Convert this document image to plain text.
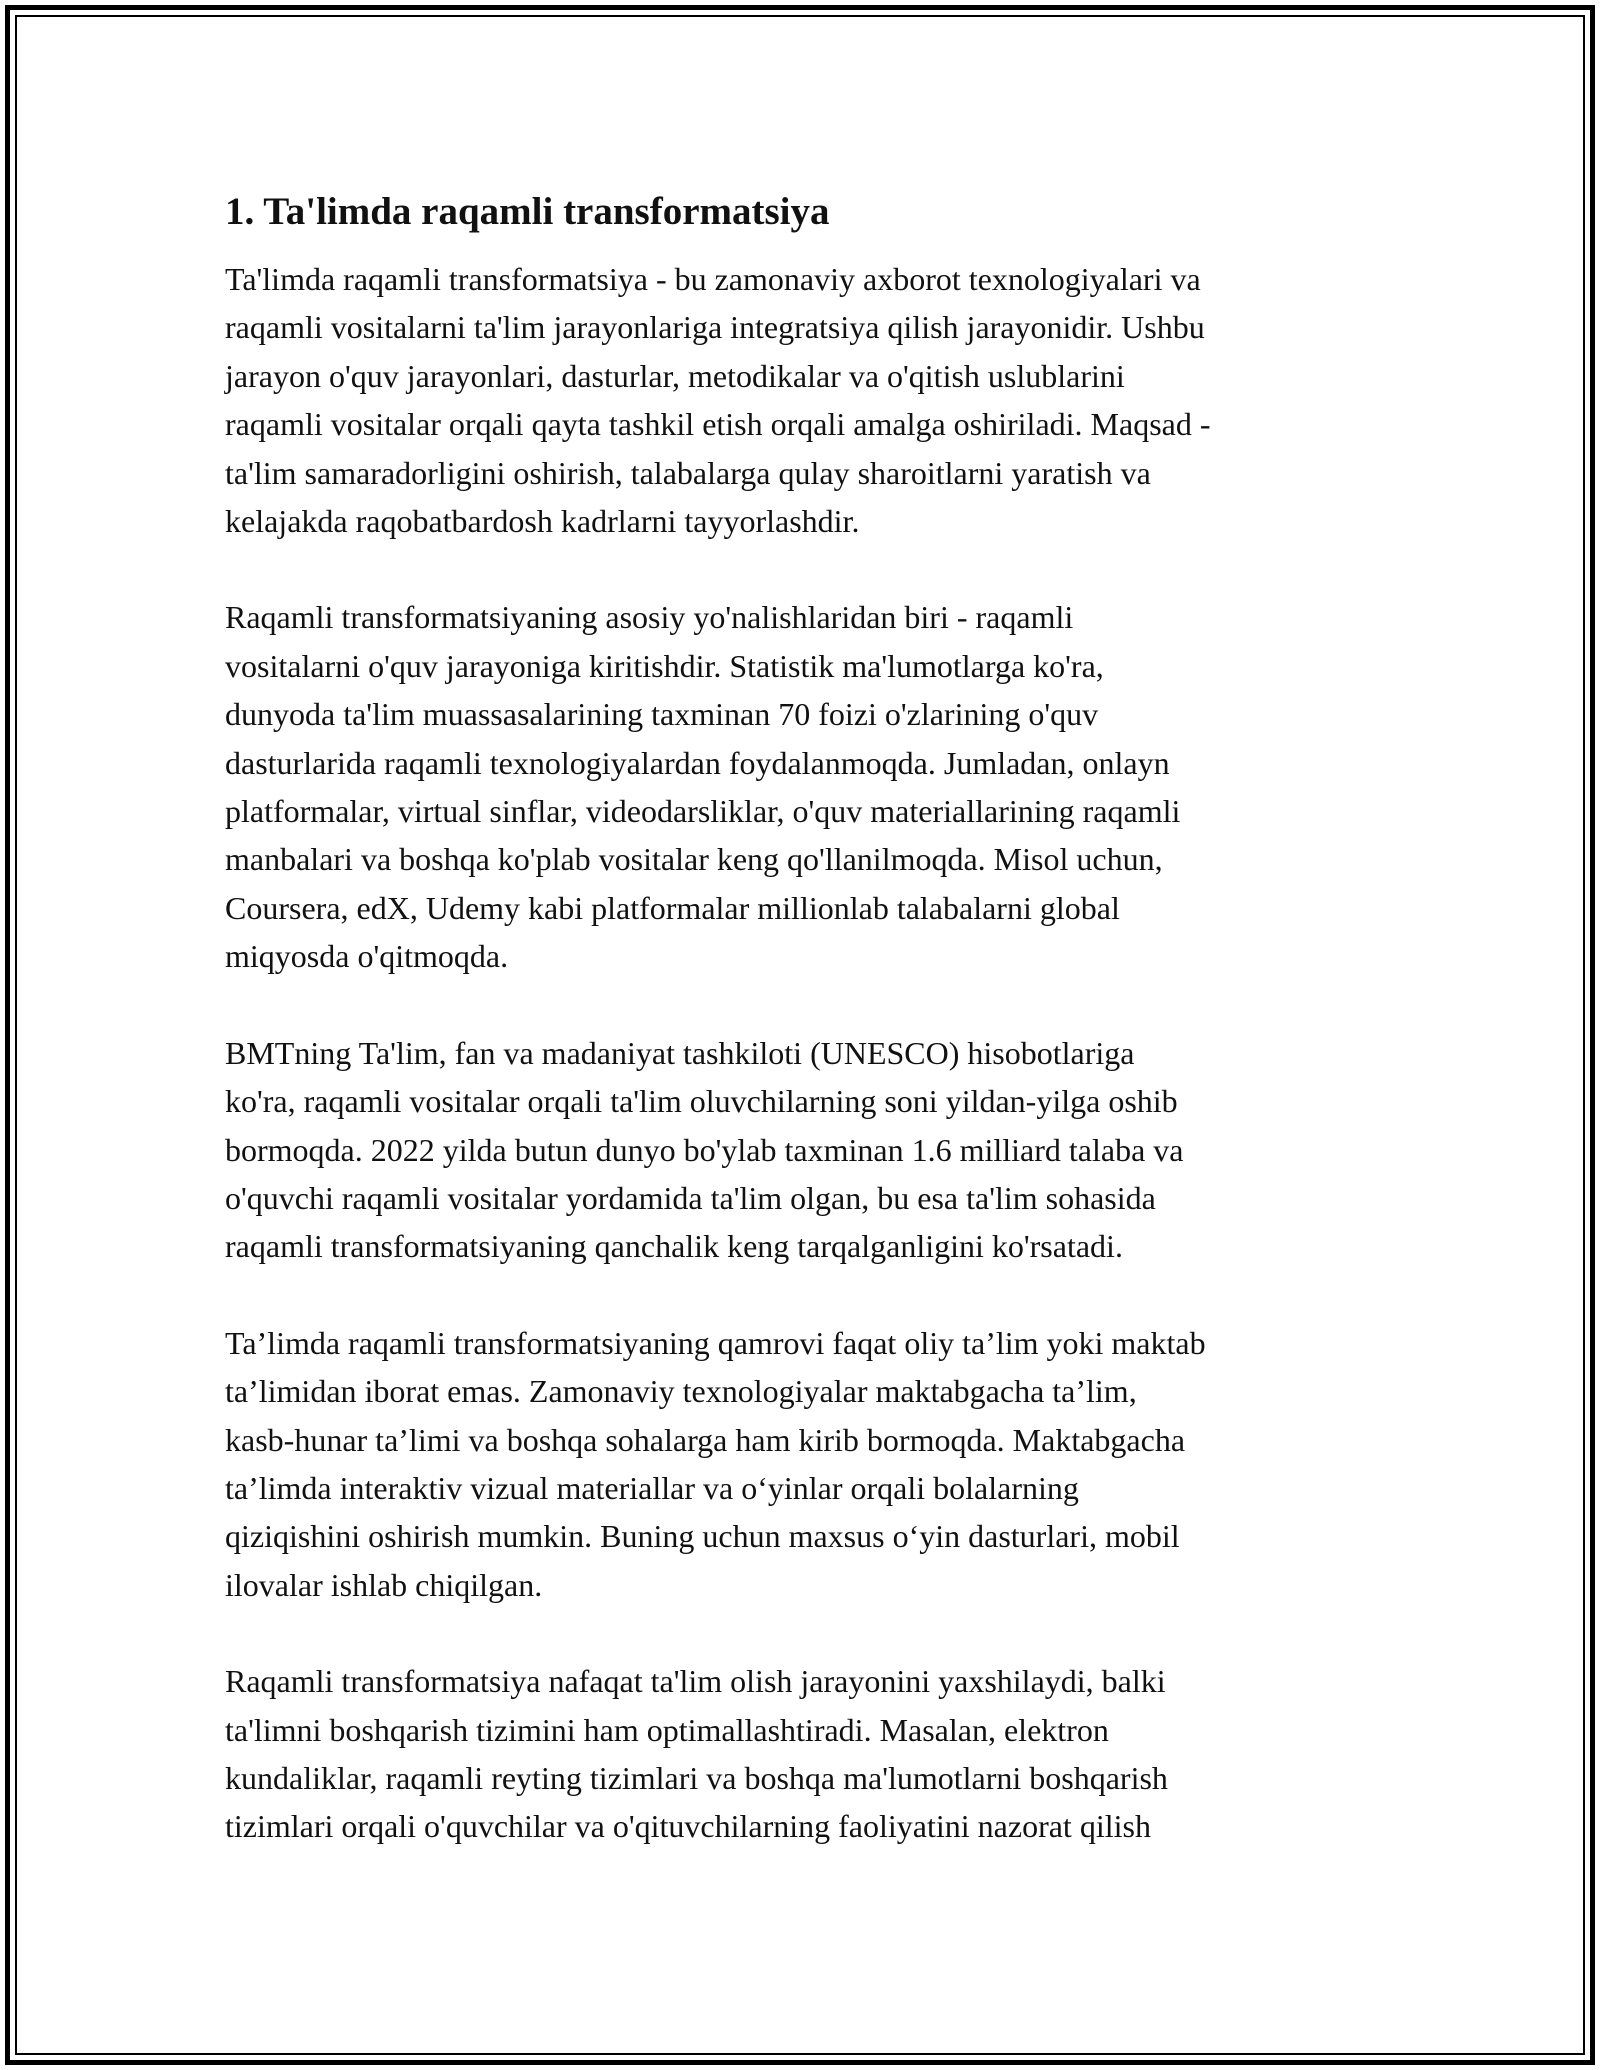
1. Ta'limda raqamli transformatsiya

Ta'limda raqamli transformatsiya - bu zamonaviy axborot texnologiyalari va
raqamli vositalarni ta'lim jarayonlariga integratsiya qilish jarayonidir. Ushbu
jarayon o'quv jarayonlari, dasturlar, metodikalar va o'qitish uslublarini
raqamli vositalar orqali qayta tashkil etish orqali amalga oshiriladi. Maqsad -
ta'lim samaradorligini oshirish, talabalarga qulay sharoitlarni yaratish va
kelajakda raqobatbardosh kadrlarni tayyorlashdir.

Raqamli transformatsiyaning asosiy yo'nalishlaridan biri - raqamli
vositalarni o'quv jarayoniga kiritishdir. Statistik ma'lumotlarga ko'ra,
dunyoda ta'lim muassasalarining taxminan 70 foizi o'zlarining o'quv
dasturlarida raqamli texnologiyalardan foydalanmoqda. Jumladan, onlayn
platformalar, virtual sinflar, videodarsliklar, o'quv materiallarining raqamli
manbalari va boshqa ko'plab vositalar keng qo'llanilmoqda. Misol uchun,
Coursera, edX, Udemy kabi platformalar millionlab talabalarni global
miqyosda o'qitmoqda.

BMTning Ta'lim, fan va madaniyat tashkiloti (UNESCO) hisobotlariga
ko'ra, raqamli vositalar orqali ta'lim oluvchilarning soni yildan-yilga oshib
bormoqda. 2022 yilda butun dunyo bo'ylab taxminan 1.6 milliard talaba va
o'quvchi raqamli vositalar yordamida ta'lim olgan, bu esa ta'lim sohasida
raqamli transformatsiyaning qanchalik keng tarqalganligini ko'rsatadi.

Ta’limda raqamli transformatsiyaning qamrovi faqat oliy ta’lim yoki maktab
ta’limidan iborat emas. Zamonaviy texnologiyalar maktabgacha ta’lim,
kasb-hunar ta’limi va boshqa sohalarga ham kirib bormoqda. Maktabgacha
ta’limda interaktiv vizual materiallar va o‘yinlar orqali bolalarning
qiziqishini oshirish mumkin. Buning uchun maxsus o‘yin dasturlari, mobil
ilovalar ishlab chiqilgan.

Raqamli transformatsiya nafaqat ta'lim olish jarayonini yaxshilaydi, balki
ta'limni boshqarish tizimini ham optimallashtiradi. Masalan, elektron
kundaliklar, raqamli reyting tizimlari va boshqa ma'lumotlarni boshqarish
tizimlari orqali o'quvchilar va o'qituvchilarning faoliyatini nazorat qilish
